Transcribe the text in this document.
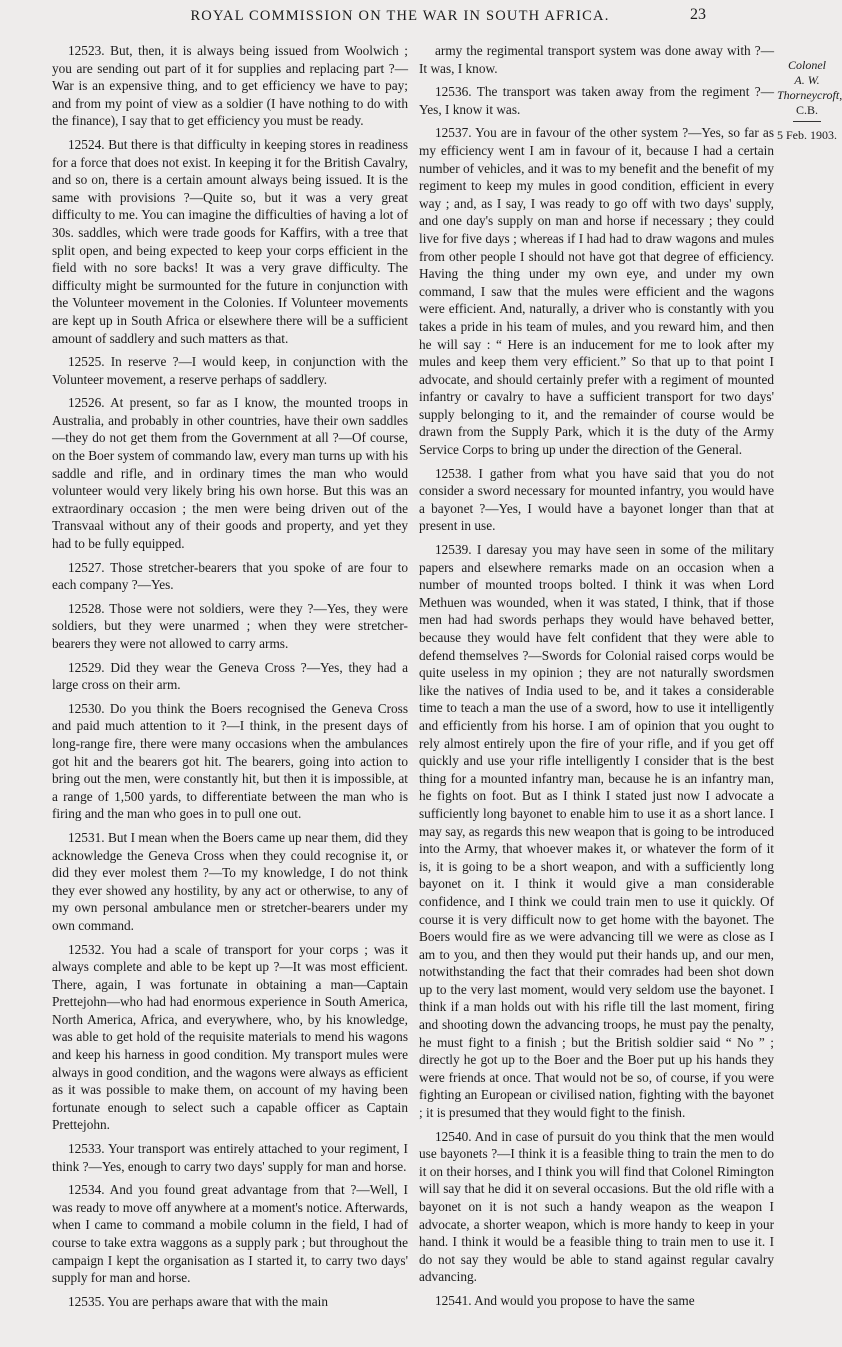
ROYAL COMMISSION ON THE WAR IN SOUTH AFRICA.	23

12523. But, then, it is always being issued from Woolwich ; you are sending out part of it for supplies and replacing part ?—War is an expensive thing, and to get efficiency we have to pay; and from my point of view as a soldier (I have nothing to do with the finance), I say that to get efficiency you must be ready.

12524. But there is that difficulty in keeping stores in readiness for a force that does not exist. In keeping it for the British Cavalry, and so on, there is a certain amount always being issued. It is the same with provisions ?—Quite so, but it was a very great difficulty to me. You can imagine the difficulties of having a lot of 30s. saddles, which were trade goods for Kaffirs, with a tree that split open, and being expected to keep your corps efficient in the field with no sore backs! It was a very grave difficulty. The difficulty might be surmounted for the future in conjunction with the Volunteer movement in the Colonies. If Volunteer movements are kept up in South Africa or elsewhere there will be a sufficient amount of saddlery and such matters as that.

12525. In reserve ?—I would keep, in conjunction with the Volunteer movement, a reserve perhaps of saddlery.

12526. At present, so far as I know, the mounted troops in Australia, and probably in other countries, have their own saddles—they do not get them from the Government at all ?—Of course, on the Boer system of commando law, every man turns up with his saddle and rifle, and in ordinary times the man who would volunteer would very likely bring his own horse. But this was an extraordinary occasion ; the men were being driven out of the Transvaal without any of their goods and property, and yet they had to be fully equipped.

12527. Those stretcher-bearers that you spoke of are four to each company ?—Yes.

12528. Those were not soldiers, were they ?—Yes, they were soldiers, but they were unarmed ; when they were stretcher-bearers they were not allowed to carry arms.

12529. Did they wear the Geneva Cross ?—Yes, they had a large cross on their arm.

12530. Do you think the Boers recognised the Geneva Cross and paid much attention to it ?—I think, in the present days of long-range fire, there were many occasions when the ambulances got hit and the bearers got hit. The bearers, going into action to bring out the men, were constantly hit, but then it is impossible, at a range of 1,500 yards, to differentiate between the man who is firing and the man who goes in to pull one out.

12531. But I mean when the Boers came up near them, did they acknowledge the Geneva Cross when they could recognise it, or did they ever molest them ?—To my knowledge, I do not think they ever showed any hostility, by any act or otherwise, to any of my own personal ambulance men or stretcher-bearers under my own command.

12532. You had a scale of transport for your corps ; was it always complete and able to be kept up ?—It was most efficient. There, again, I was fortunate in obtaining a man—Captain Prettejohn—who had had enormous experience in South America, North America, Africa, and everywhere, who, by his knowledge, was able to get hold of the requisite materials to mend his wagons and keep his harness in good condition. My transport mules were always in good condition, and the wagons were always as efficient as it was possible to make them, on account of my having been fortunate enough to select such a capable officer as Captain Prettejohn.

12533. Your transport was entirely attached to your regiment, I think ?—Yes, enough to carry two days' supply for man and horse.

12534. And you found great advantage from that ?—Well, I was ready to move off anywhere at a moment's notice. Afterwards, when I came to command a mobile column in the field, I had of course to take extra waggons as a supply park ; but throughout the campaign I kept the organisation as I started it, to carry two days' supply for man and horse.

12535. You are perhaps aware that with the main

army the regimental transport system was done away with ?—It was, I know.

12536. The transport was taken away from the regiment ?—Yes, I know it was.

12537. You are in favour of the other system ?—Yes, so far as my efficiency went I am in favour of it, because I had a certain number of vehicles, and it was to my benefit and the benefit of my regiment to keep my mules in good condition, efficient in every way ; and, as I say, I was ready to go off with two days' supply, and one day's supply on man and horse if necessary ; they could live for five days ; whereas if I had had to draw wagons and mules from other people I should not have got that degree of efficiency. Having the thing under my own eye, and under my own command, I saw that the mules were efficient and the wagons were efficient. And, naturally, a driver who is constantly with you takes a pride in his team of mules, and you reward him, and then he will say : “ Here is an inducement for me to look after my mules and keep them very efficient.” So that up to that point I advocate, and should certainly prefer with a regiment of mounted infantry or cavalry to have a sufficient transport for two days' supply belonging to it, and the remainder of course would be drawn from the Supply Park, which it is the duty of the Army Service Corps to bring up under the direction of the General.

12538. I gather from what you have said that you do not consider a sword necessary for mounted infantry, you would have a bayonet ?—Yes, I would have a bayonet longer than that at present in use.

12539. I daresay you may have seen in some of the military papers and elsewhere remarks made on an occasion when a number of mounted troops bolted. I think it was when Lord Methuen was wounded, when it was stated, I think, that if those men had had swords perhaps they would have behaved better, because they would have felt confident that they were able to defend themselves ?—Swords for Colonial raised corps would be quite useless in my opinion ; they are not naturally swordsmen like the natives of India used to be, and it takes a considerable time to teach a man the use of a sword, how to use it intelligently and efficiently from his horse. I am of opinion that you ought to rely almost entirely upon the fire of your rifle, and if you get off quickly and use your rifle intelligently I consider that is the best thing for a mounted infantry man, because he is an infantry man, he fights on foot. But as I think I stated just now I advocate a sufficiently long bayonet to enable him to use it as a short lance. I may say, as regards this new weapon that is going to be introduced into the Army, that whoever makes it, or whatever the form of it is, it is going to be a short weapon, and with a sufficiently long bayonet on it. I think it would give a man considerable confidence, and I think we could train men to use it quickly. Of course it is very difficult now to get home with the bayonet. The Boers would fire as we were advancing till we were as close as I am to you, and then they would put their hands up, and our men, notwithstanding the fact that their comrades had been shot down up to the very last moment, would very seldom use the bayonet. I think if a man holds out with his rifle till the last moment, firing and shooting down the advancing troops, he must pay the penalty, he must fight to a finish ; but the British soldier said “ No ” ; directly he got up to the Boer and the Boer put up his hands they were friends at once. That would not be so, of course, if you were fighting an European or civilised nation, fighting with the bayonet ; it is presumed that they would fight to the finish.

12540. And in case of pursuit do you think that the men would use bayonets ?—I think it is a feasible thing to train the men to do it on their horses, and I think you will find that Colonel Rimington will say that he did it on several occasions. But the old rifle with a bayonet on it is not such a handy weapon as the weapon I advocate, a shorter weapon, which is more handy to keep in your hand. I think it would be a feasible thing to train men to use it. I do not say they would be able to stand against regular cavalry advancing.

12541. And would you propose to have the same

Colonel
A. W.
Thorneycroft,
C.B.
5 Feb. 1903.
